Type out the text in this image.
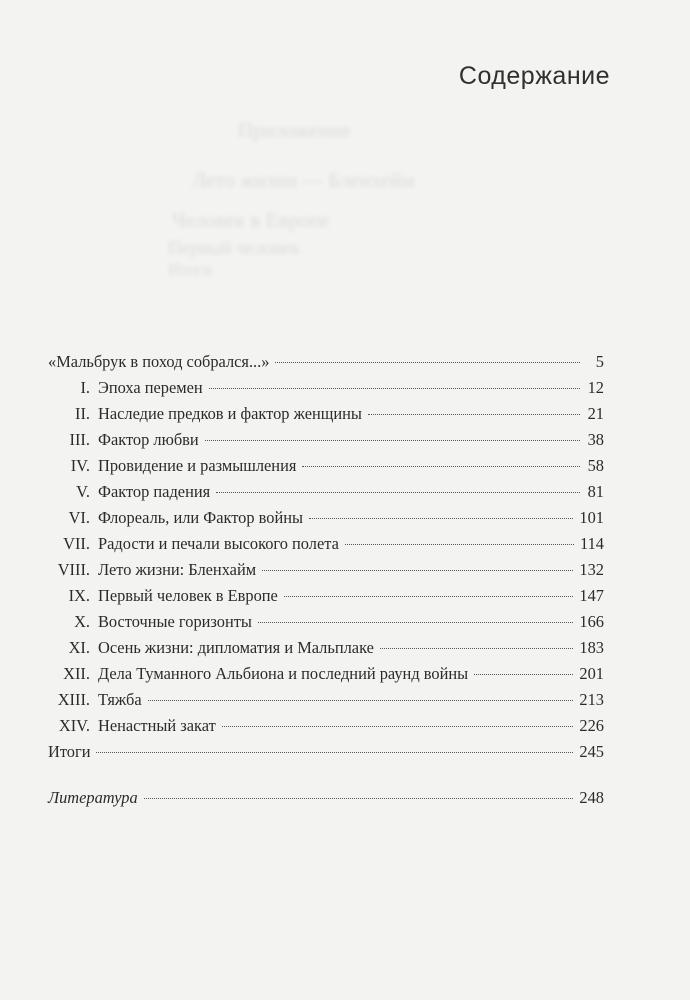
Содержание
Приложение
Лето жизни — Бленхейм
Человек в Европе
Первый человек
Итоги
«Мальбрук в поход собрался...»	5
I. Эпоха перемен	12
II. Наследие предков и фактор женщины	21
III. Фактор любви	38
IV. Провидение и размышления	58
V. Фактор падения	81
VI. Флореаль, или Фактор войны	101
VII. Радости и печали высокого полета	114
VIII. Лето жизни: Бленхайм	132
IX. Первый человек в Европе	147
X. Восточные горизонты	166
XI. Осень жизни: дипломатия и Мальплаке	183
XII. Дела Туманного Альбиона и последний раунд войны	201
XIII. Тяжба	213
XIV. Ненастный закат	226
Итоги	245
Литература	248
